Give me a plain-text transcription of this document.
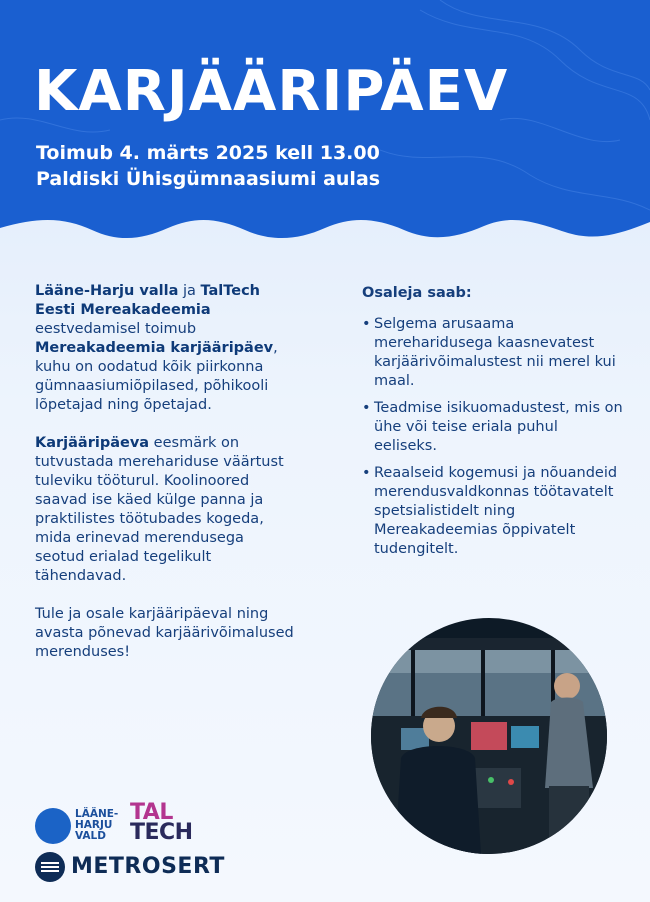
KARJÄÄRIPÄEV
Toimub 4. märts 2025 kell 13.00
Paldiski Ühisgümnaasiumi aulas

Lääne-Harju valla ja TalTech Eesti Mereakadeemia eestvedamisel toimub Mereakadeemia karjääripäev, kuhu on oodatud kõik piirkonna gümnaasiumiõpilased, põhikooli lõpetajad ning õpetajad.

Karjääripäeva eesmärk on tutvustada merehariduse väärtust tuleviku tööturul. Koolinoored saavad ise käed külge panna ja praktilistes töötubades kogeda, mida erinevad merendusega seotud erialad tegelikult tähendavad.

Tule ja osale karjääripäeval ning avasta põnevad karjäärivõimalused merenduses!

Osaleja saab:
• Selgema arusaama mereharidusega kaasnevatest karjäärivõimalustest nii merel kui maal.
• Teadmise isikuomadustest, mis on ühe või teise eriala puhul eeliseks.
• Reaalseid kogemusi ja nõuandeid merendusvaldkonnas töötavatelt spetsialistidelt ning Mereakadeemias õppivatelt tudengitelt.
LÄÄNE-
HARJU
VALD
TAL
TECH
METROSERT
